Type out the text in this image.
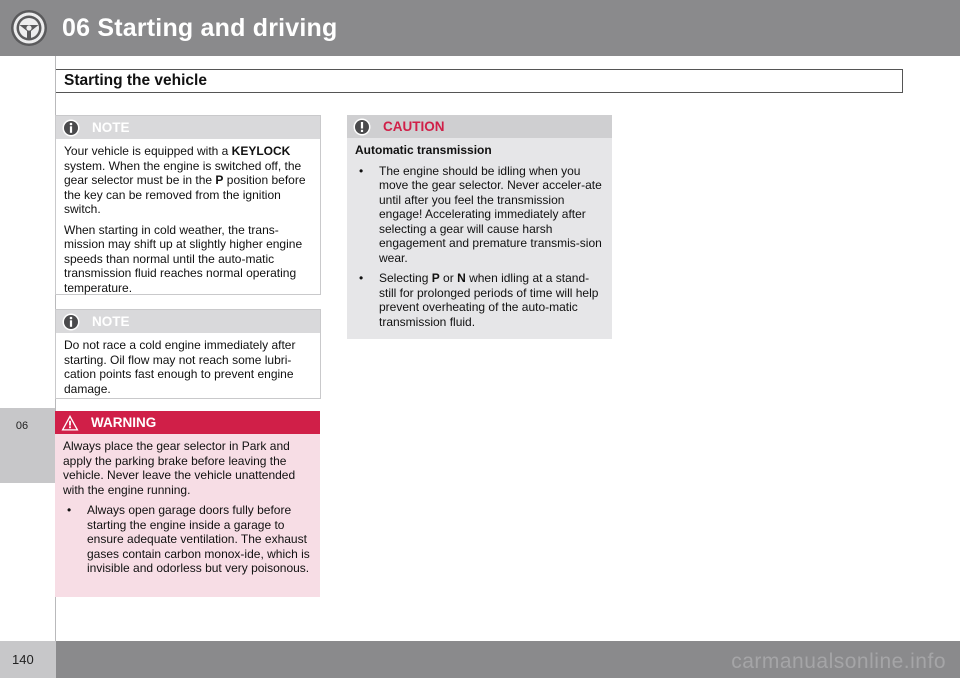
06 Starting and driving
06
Starting the vehicle
NOTE

Your vehicle is equipped with a KEYLOCK system. When the engine is switched off, the gear selector must be in the P position before the key can be removed from the ignition switch.

When starting in cold weather, the trans-mission may shift up at slightly higher engine speeds than normal until the auto-matic transmission fluid reaches normal operating temperature.

NOTE

Do not race a cold engine immediately after starting. Oil flow may not reach some lubri-cation points fast enough to prevent engine damage.

WARNING

Always place the gear selector in Park and apply the parking brake before leaving the vehicle. Never leave the vehicle unattended with the engine running.

• Always open garage doors fully before starting the engine inside a garage to ensure adequate ventilation. The exhaust gases contain carbon monox-ide, which is invisible and odorless but very poisonous.
CAUTION

Automatic transmission

• The engine should be idling when you move the gear selector. Never acceler-ate until after you feel the transmission engage! Accelerating immediately after selecting a gear will cause harsh engagement and premature transmis-sion wear.
• Selecting P or N when idling at a stand-still for prolonged periods of time will help prevent overheating of the auto-matic transmission fluid.
140	carmanualsonline.info
